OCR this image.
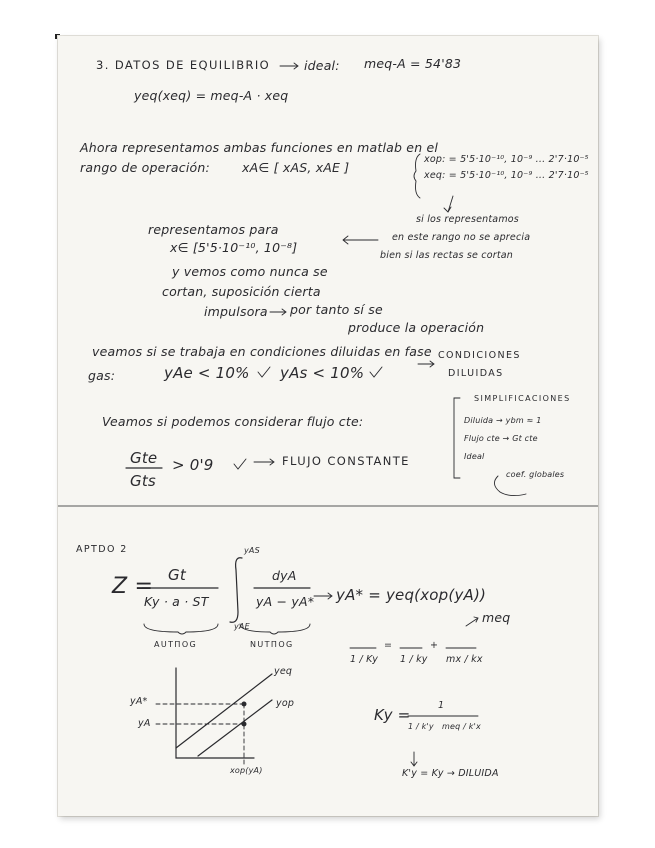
3. DATOS DE EQUILIBRIO	ideal: meq-A = 54'83
yeq(xeq) = meq-A · xeq
Ahora representamos ambas funciones en matlab en el
rango de operación:	xA∈ [ xAS, xAE ]
xop: = 5'5·10⁻¹⁰, 10⁻⁹ ... 2'7·10⁻⁵
xeq: = 5'5·10⁻¹⁰, 10⁻⁹ ... 2'7·10⁻⁵
si los representamos
en este rango no se aprecia
bien si las rectas se cortan
representamos para
x∈ [5'5·10⁻¹⁰, 10⁻⁸]
y vemos como nunca se
cortan, suposición cierta
impulsora por tanto sí se
produce la operación
veamos si se trabaja en condiciones diluidas en fase
gas:	yAe < 10% yAs < 10%
CONDICIONES
DILUIDAS
Veamos si podemos considerar flujo cte:
Gte
Gts
> 0'9	FLUJO CONSTANTE
SIMPLIFICACIONES
Diluida → ybm ≈ 1
Flujo cte → Gt cte
Ideal
coef. globales
APTDO 2
Z = Gt
Ky · a · ST
yAS
yAE
dyA
yA − yA* yA* = yeq(xop(yA))
AUTΠOG	NUTΠOG
1 / Ky
=
1 / ky
+
mx / kx
meq
Ky =
1
1 / k'y meq / k'x
K'y = Ky → DILUIDA
yeq
yop
yA*
yA
xop(yA)
